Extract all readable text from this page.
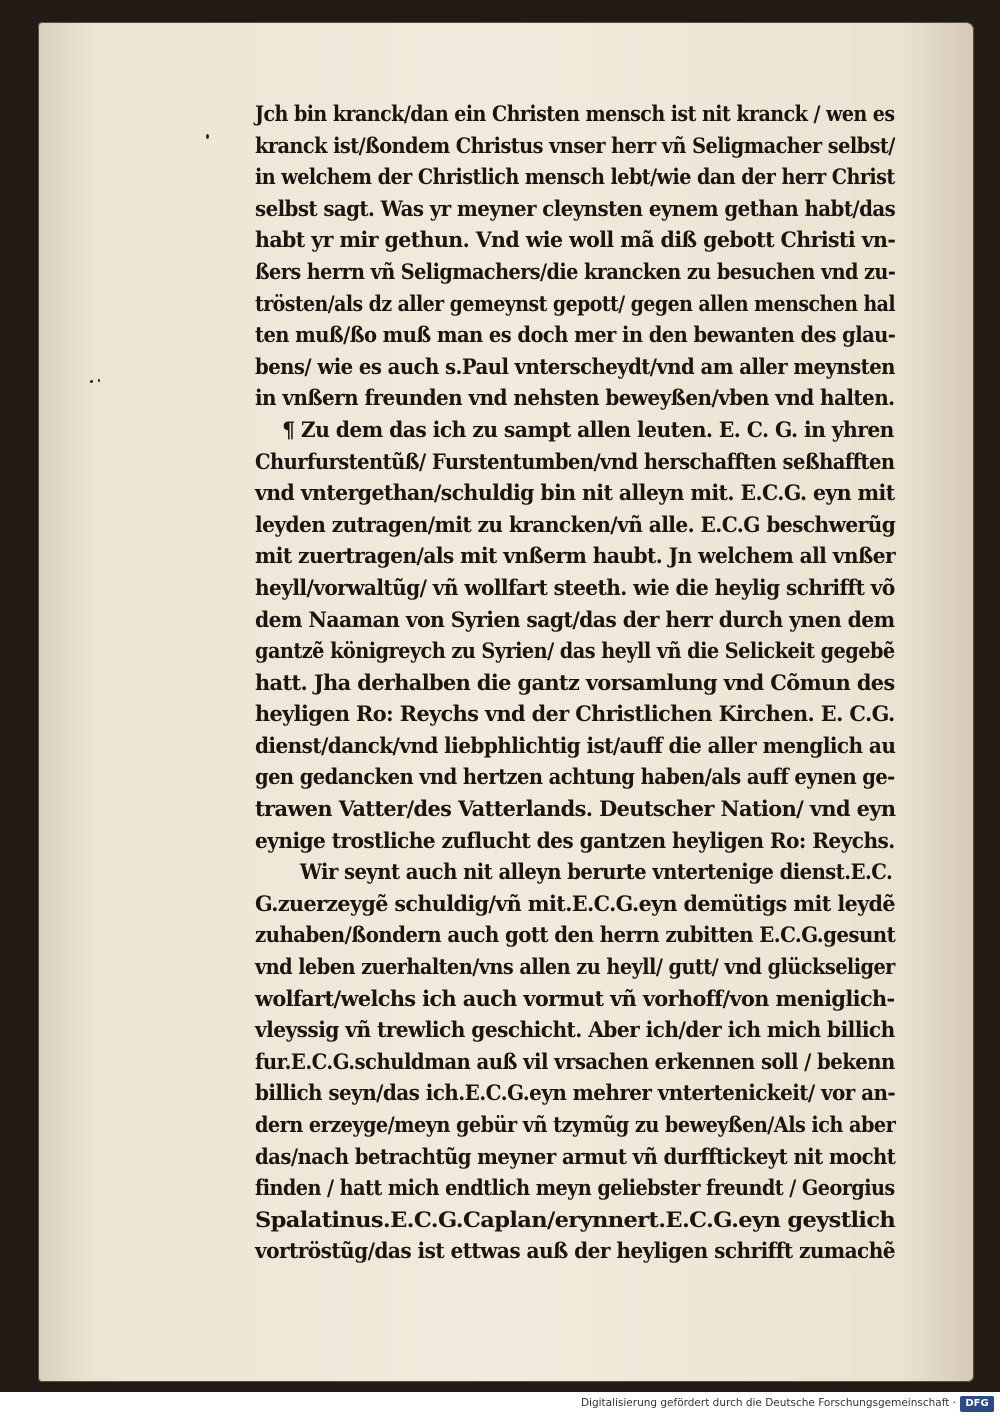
Jch bin kranck/dan ein Christen mensch ist nit kranck / wen es
kranck ist/ßondem Christus vnser herr vñ Seligmacher selbst/
in welchem der Christlich mensch lebt/wie dan der herr Christ
selbst sagt. Was yr meyner cleynsten eynem gethan habt/das
habt yr mir gethun. Vnd wie woll mã diß gebott Christi vn-
ßers herrn vñ Seligmachers/die krancken zu besuchen vnd zu-
trösten/als dz aller gemeynst gepott/ gegen allen menschen hal
ten muß/ßo muß man es doch mer in den bewanten des glau-
bens/ wie es auch s.Paul vnterscheydt/vnd am aller meynsten
in vnßern freunden vnd nehsten beweyßen/vben vnd halten.
¶ Zu dem das ich zu sampt allen leuten. E. C. G. in yhren
Churfurstentũß/ Furstentumben/vnd herschafften seßhafften
vnd vntergethan/schuldig bin nit alleyn mit. E.C.G. eyn mit
leyden zutragen/mit zu krancken/vñ alle. E.C.G beschwerũg
mit zuertragen/als mit vnßerm haubt. Jn welchem all vnßer
heyll/vorwaltũg/ vñ wollfart steeth. wie die heylig schrifft võ
dem Naaman von Syrien sagt/das der herr durch ynen dem
gantzẽ königreych zu Syrien/ das heyll vñ die Selickeit gegebẽ
hatt. Jha derhalben die gantz vorsamlung vnd Cõmun des
heyligen Ro: Reychs vnd der Christlichen Kirchen. E. C.G.
dienst/danck/vnd liebphlichtig ist/auff die aller menglich au
gen gedancken vnd hertzen achtung haben/als auff eynen ge-
trawen Vatter/des Vatterlands. Deutscher Nation/ vnd eyn
eynige trostliche zuflucht des gantzen heyligen Ro: Reychs.
Wir seynt auch nit alleyn berurte vntertenige dienst.E.C.
G.zuerzeygẽ schuldig/vñ mit.E.C.G.eyn demütigs mit leydẽ
zuhaben/ßondern auch gott den herrn zubitten E.C.G.gesunt
vnd leben zuerhalten/vns allen zu heyll/ gutt/ vnd glückseliger
wolfart/welchs ich auch vormut vñ vorhoff/von meniglich-
vleyssig vñ trewlich geschicht. Aber ich/der ich mich billich
fur.E.C.G.schuldman auß vil vrsachen erkennen soll / bekenn
billich seyn/das ich.E.C.G.eyn mehrer vntertenickeit/ vor an-
dern erzeyge/meyn gebür vñ tzymũg zu beweyßen/Als ich aber
das/nach betrachtũg meyner armut vñ durfftickeyt nit mocht
finden / hatt mich endtlich meyn geliebster freundt / Georgius
Spalatinus.E.C.G.Caplan/erynnert.E.C.G.eyn geystlich
vortröstũg/das ist ettwas auß der heyligen schrifft zumachẽ
Digitalisierung gefördert durch die Deutsche Forschungsgemeinschaft · DFG
